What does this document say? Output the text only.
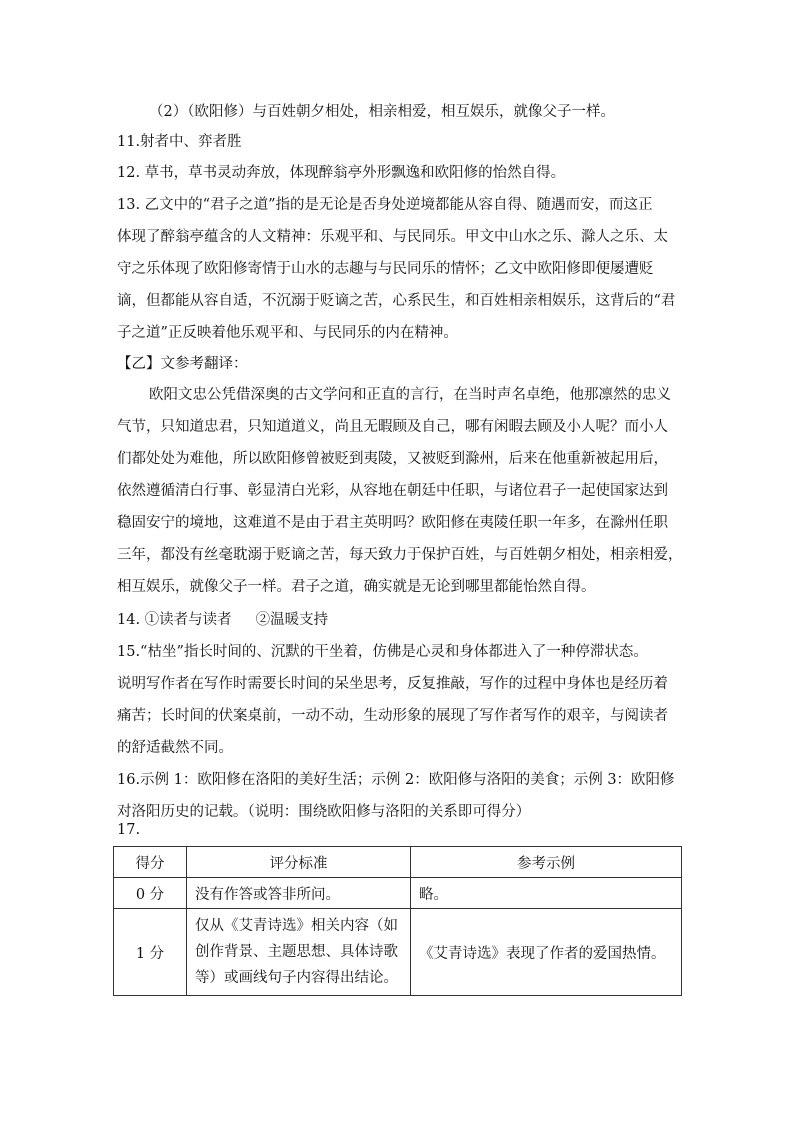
（2）（欧阳修）与百姓朝夕相处，相亲相爱，相互娱乐，就像父子一样。
11.射者中、弈者胜
12. 草书，草书灵动奔放，体现醉翁亭外形飘逸和欧阳修的怡然自得。
13. 乙文中的“君子之道”指的是无论是否身处逆境都能从容自得、随遇而安，而这正
体现了醉翁亭蕴含的人文精神：乐观平和、与民同乐。甲文中山水之乐、滁人之乐、太
守之乐体现了欧阳修寄情于山水的志趣与与民同乐的情怀；乙文中欧阳修即便屡遭贬
谪，但都能从容自适，不沉溺于贬谪之苦，心系民生，和百姓相亲相娱乐，这背后的“君
子之道”正反映着他乐观平和、与民同乐的内在精神。
【乙】文参考翻译：
欧阳文忠公凭借深奥的古文学问和正直的言行，在当时声名卓绝，他那凛然的忠义
气节，只知道忠君，只知道道义，尚且无暇顾及自己，哪有闲暇去顾及小人呢？而小人
们都处处为难他，所以欧阳修曾被贬到夷陵，又被贬到滁州，后来在他重新被起用后，
依然遵循清白行事、彰显清白光彩，从容地在朝廷中任职，与诸位君子一起使国家达到
稳固安宁的境地，这难道不是由于君主英明吗？欧阳修在夷陵任职一年多，在滁州任职
三年，都没有丝毫耽溺于贬谪之苦，每天致力于保护百姓，与百姓朝夕相处，相亲相爱，
相互娱乐，就像父子一样。君子之道，确实就是无论到哪里都能怡然自得。
14. ①读者与读者 ②温暖支持
15.“枯坐”指长时间的、沉默的干坐着，仿佛是心灵和身体都进入了一种停滞状态。
说明写作者在写作时需要长时间的呆坐思考，反复推敲，写作的过程中身体也是经历着
痛苦；长时间的伏案桌前，一动不动，生动形象的展现了写作者写作的艰辛，与阅读者
的舒适截然不同。
16.示例 1：欧阳修在洛阳的美好生活；示例 2：欧阳修与洛阳的美食；示例 3：欧阳修
对洛阳历史的记载。（说明：围绕欧阳修与洛阳的关系即可得分）
17.
得分	评分标准	参考示例
0 分	没有作答或答非所问。	略。
1 分	仅从《艾青诗选》相关内容（如创作背景、主题思想、具体诗歌等）或画线句子内容得出结论。	《艾青诗选》表现了作者的爱国热情。
